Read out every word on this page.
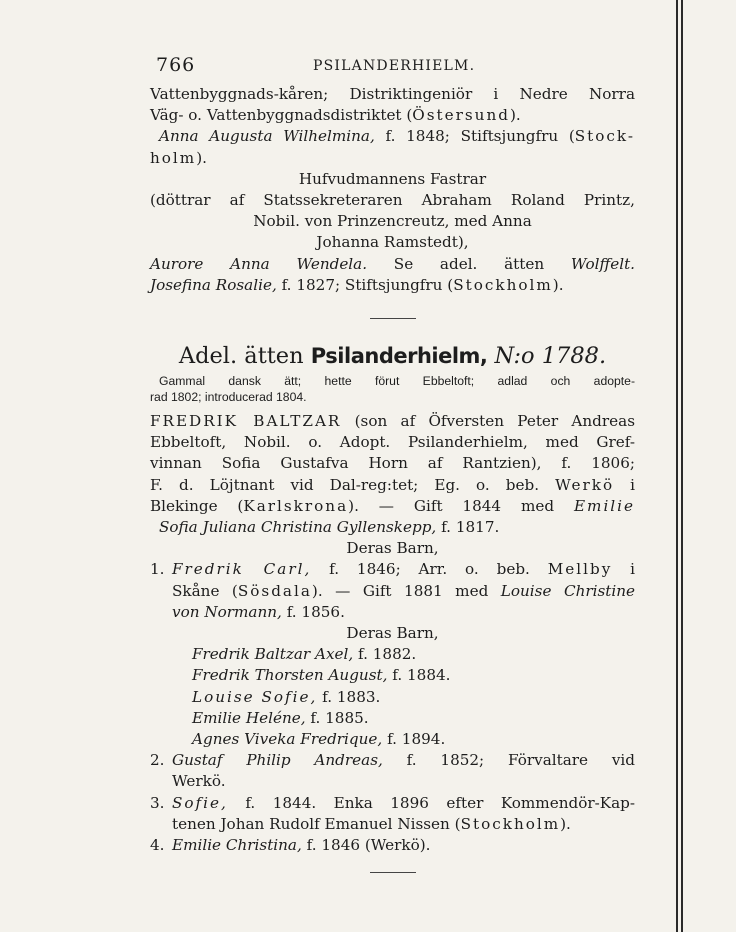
766	PSILANDERHIELM.
Vattenbyggnads-kåren; Distriktingeniör i Nedre Norra
Väg- o. Vattenbyggnadsdistriktet (Östersund).
Anna Augusta Wilhelmina, f. 1848; Stiftsjungfru (Stock-
holm).
Hufvudmannens Fastrar
(döttrar af Statssekreteraren Abraham Roland Printz,
Nobil. von Prinzencreutz, med Anna
Johanna Ramstedt),
Aurore Anna Wendela. Se adel. ätten Wolffelt.
Josefina Rosalie, f. 1827; Stiftsjungfru (Stockholm).
Adel. ätten Psilanderhielm, N:o 1788.
Gammal dansk ätt; hette förut Ebbeltoft; adlad och adopte-
rad 1802; introducerad 1804.
FREDRIK BALTZAR (son af Öfversten Peter Andreas
Ebbeltoft, Nobil. o. Adopt. Psilanderhielm, med Gref-
vinnan Sofia Gustafva Horn af Rantzien), f. 1806;
F. d. Löjtnant vid Dal-reg:tet; Eg. o. beb. Werkö i
Blekinge (Karlskrona). — Gift 1844 med Emilie
Sofia Juliana Christina Gyllenskepp, f. 1817.
Deras Barn,
1. Fredrik Carl, f. 1846; Arr. o. beb. Mellby i
Skåne (Sösdala). — Gift 1881 med Louise Christine
von Normann, f. 1856.
Deras Barn,
Fredrik Baltzar Axel, f. 1882.
Fredrik Thorsten August, f. 1884.
Louise Sofie, f. 1883.
Emilie Heléne, f. 1885.
Agnes Viveka Fredrique, f. 1894.
2. Gustaf Philip Andreas, f. 1852; Förvaltare vid
Werkö.
3. Sofie, f. 1844. Enka 1896 efter Kommendör-Kap-
tenen Johan Rudolf Emanuel Nissen (Stockholm).
4. Emilie Christina, f. 1846 (Werkö).
